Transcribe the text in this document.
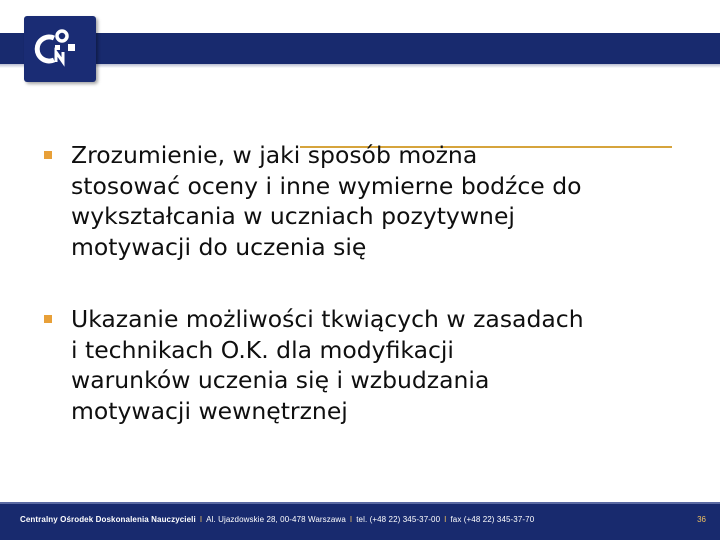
Zrozumienie, w jaki sposób można
stosować oceny i inne wymierne bodźce do
wykształcania w uczniach pozytywnej
motywacji do uczenia się
Ukazanie możliwości tkwiących w zasadach
i technikach O.K. dla modyfikacji
warunków uczenia się i wzbudzania
motywacji wewnętrznej
Centralny Ośrodek Doskonalenia Nauczycieli I Al. Ujazdowskie 28, 00-478 Warszawa I tel. (+48 22) 345-37-00 I fax (+48 22) 345-37-70	36
